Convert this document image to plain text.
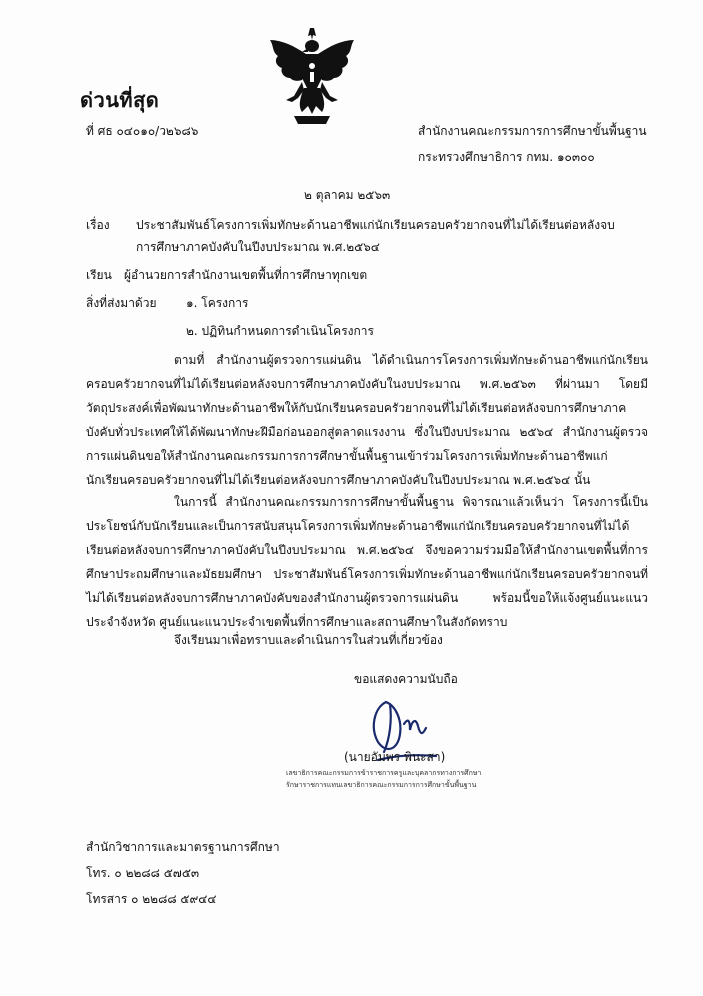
ด่วนที่สุด
ที่ ศธ ๐๔๐๑๐/ว๒๖๘๖	สำนักงานคณะกรรมการการศึกษาขั้นพื้นฐาน
กระทรวงศึกษาธิการ กทม. ๑๐๓๐๐
๒ ตุลาคม ๒๕๖๓
เรื่อง ประชาสัมพันธ์โครงการเพิ่มทักษะด้านอาชีพแก่นักเรียนครอบครัวยากจนที่ไม่ได้เรียนต่อหลังจบ
การศึกษาภาคบังคับในปีงบประมาณ พ.ศ.๒๕๖๔
เรียน ผู้อำนวยการสำนักงานเขตพื้นที่การศึกษาทุกเขต
สิ่งที่ส่งมาด้วย ๑. โครงการ
๒. ปฏิทินกำหนดการดำเนินโครงการ
ตามที่ สำนักงานผู้ตรวจการแผ่นดิน ได้ดำเนินการโครงการเพิ่มทักษะด้านอาชีพแก่นักเรียนครอบครัวยากจนที่ไม่ได้เรียนต่อหลังจบการศึกษาภาคบังคับในงบประมาณ พ.ศ.๒๕๖๓ ที่ผ่านมา โดยมีวัตถุประสงค์เพื่อพัฒนาทักษะด้านอาชีพให้กับนักเรียนครอบครัวยากจนที่ไม่ได้เรียนต่อหลังจบการศึกษาภาคบังคับทั่วประเทศให้ได้พัฒนาทักษะฝีมือก่อนออกสู่ตลาดแรงงาน ซึ่งในปีงบประมาณ ๒๕๖๔ สำนักงานผู้ตรวจการแผ่นดินขอให้สำนักงานคณะกรรมการการศึกษาขั้นพื้นฐานเข้าร่วมโครงการเพิ่มทักษะด้านอาชีพแก่นักเรียนครอบครัวยากจนที่ไม่ได้เรียนต่อหลังจบการศึกษาภาคบังคับในปีงบประมาณ พ.ศ.๒๕๖๔ นั้น
ในการนี้ สำนักงานคณะกรรมการการศึกษาขั้นพื้นฐาน พิจารณาแล้วเห็นว่า โครงการนี้เป็นประโยชน์กับนักเรียนและเป็นการสนับสนุนโครงการเพิ่มทักษะด้านอาชีพแก่นักเรียนครอบครัวยากจนที่ไม่ได้เรียนต่อหลังจบการศึกษาภาคบังคับในปีงบประมาณ พ.ศ.๒๕๖๔ จึงขอความร่วมมือให้สำนักงานเขตพื้นที่การศึกษาประถมศึกษาและมัธยมศึกษา ประชาสัมพันธ์โครงการเพิ่มทักษะด้านอาชีพแก่นักเรียนครอบครัวยากจนที่ไม่ได้เรียนต่อหลังจบการศึกษาภาคบังคับของสำนักงานผู้ตรวจการแผ่นดิน พร้อมนี้ขอให้แจ้งศูนย์แนะแนวประจำจังหวัด ศูนย์แนะแนวประจำเขตพื้นที่การศึกษาและสถานศึกษาในสังกัดทราบ
จึงเรียนมาเพื่อทราบและดำเนินการในส่วนที่เกี่ยวข้อง
ขอแสดงความนับถือ
(นายอัมพร พินะสา)
เลขาธิการคณะกรรมการข้าราชการครูและบุคลากรทางการศึกษา
รักษาราชการแทนเลขาธิการคณะกรรมการการศึกษาขั้นพื้นฐาน
สำนักวิชาการและมาตรฐานการศึกษา
โทร. ๐ ๒๒๘๘ ๕๗๕๓
โทรสาร ๐ ๒๒๘๘ ๕๙๔๔
